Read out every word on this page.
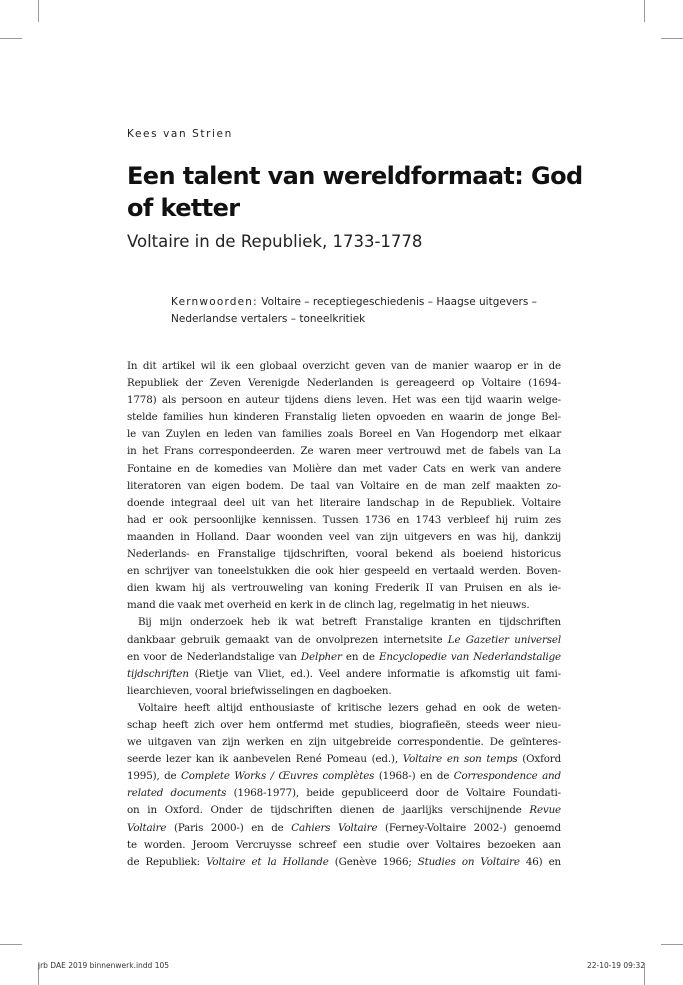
Kees van Strien
Een talent van wereldformaat: God of ketter
Voltaire in de Republiek, 1733-1778
Kernwoorden: Voltaire – receptiegeschiedenis – Haagse uitgevers – Nederlandse vertalers – toneelkritiek
In dit artikel wil ik een globaal overzicht geven van de manier waarop er in de
Republiek der Zeven Verenigde Nederlanden is gereageerd op Voltaire (1694-
1778) als persoon en auteur tijdens diens leven. Het was een tijd waarin welge-
stelde families hun kinderen Franstalig lieten opvoeden en waarin de jonge Bel-
le van Zuylen en leden van families zoals Boreel en Van Hogendorp met elkaar
in het Frans correspondeerden. Ze waren meer vertrouwd met de fabels van La
Fontaine en de komedies van Molière dan met vader Cats en werk van andere
literatoren van eigen bodem. De taal van Voltaire en de man zelf maakten zo-
doende integraal deel uit van het literaire landschap in de Republiek. Voltaire
had er ook persoonlijke kennissen. Tussen 1736 en 1743 verbleef hij ruim zes
maanden in Holland. Daar woonden veel van zijn uitgevers en was hij, dankzij
Nederlands- en Franstalige tijdschriften, vooral bekend als boeiend historicus
en schrijver van toneelstukken die ook hier gespeeld en vertaald werden. Boven-
dien kwam hij als vertrouweling van koning Frederik II van Pruisen en als ie-
mand die vaak met overheid en kerk in de clinch lag, regelmatig in het nieuws.
Bij mijn onderzoek heb ik wat betreft Franstalige kranten en tijdschriften
dankbaar gebruik gemaakt van de onvolprezen internetsite Le Gazetier universel
en voor de Nederlandstalige van Delpher en de Encyclopedie van Nederlandstalige
tijdschriften (Rietje van Vliet, ed.). Veel andere informatie is afkomstig uit fami-
liearchieven, vooral briefwisselingen en dagboeken.
Voltaire heeft altijd enthousiaste of kritische lezers gehad en ook de weten-
schap heeft zich over hem ontfermd met studies, biografieën, steeds weer nieu-
we uitgaven van zijn werken en zijn uitgebreide correspondentie. De geïnteres-
seerde lezer kan ik aanbevelen René Pomeau (ed.), Voltaire en son temps (Oxford
1995), de Complete Works / Œuvres complètes (1968-) en de Correspondence and
related documents (1968-1977), beide gepubliceerd door de Voltaire Foundati-
on in Oxford. Onder de tijdschriften dienen de jaarlijks verschijnende Revue
Voltaire (Paris 2000-) en de Cahiers Voltaire (Ferney-Voltaire 2002-) genoemd
te worden. Jeroom Vercruysse schreef een studie over Voltaires bezoeken aan
de Republiek: Voltaire et la Hollande (Genève 1966; Studies on Voltaire 46) en
jrb DAE 2019 binnenwerk.indd 105	22-10-19 09:32
